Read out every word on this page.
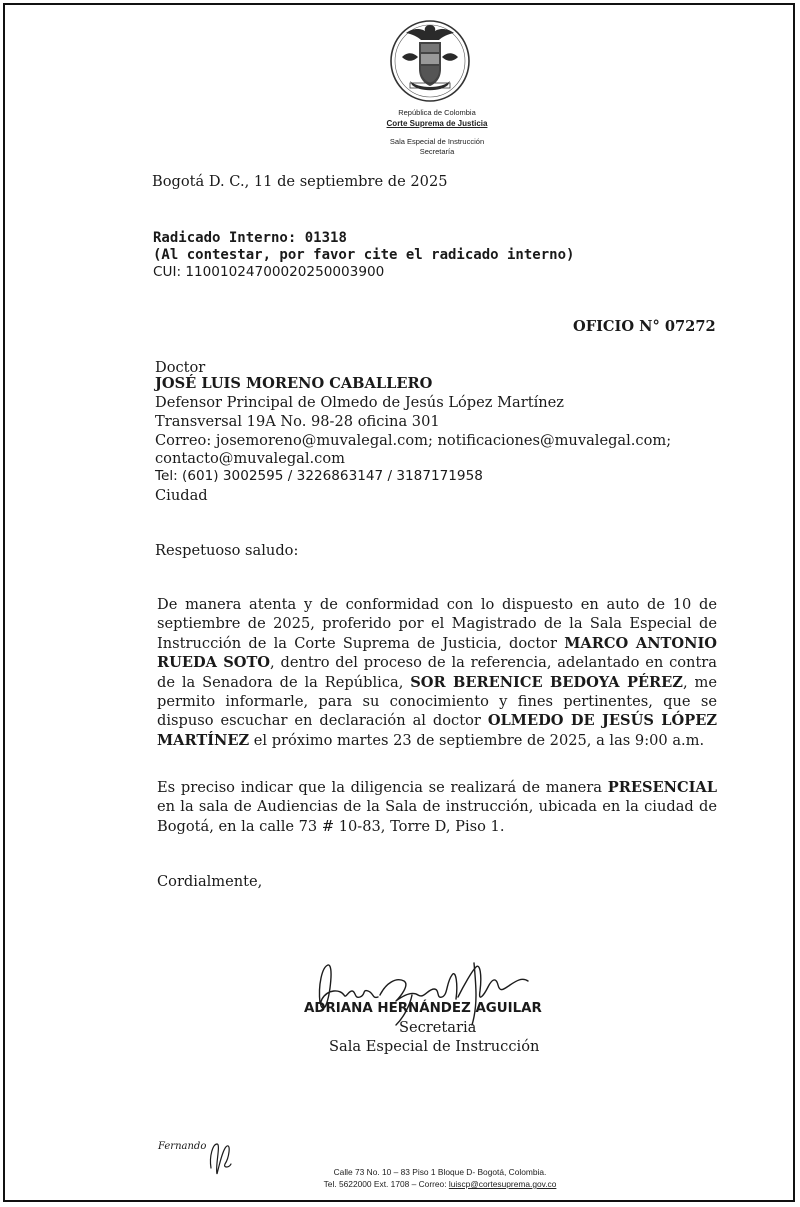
República de Colombia
Corte Suprema de Justicia
Sala Especial de Instrucción
Secretaría
Bogotá D. C., 11 de septiembre de 2025
Radicado Interno: 01318
(Al contestar, por favor cite el radicado interno)
CUI: 11001024700020250003900
OFICIO N° 07272
Doctor
JOSÉ LUIS MORENO CABALLERO
Defensor Principal de Olmedo de Jesús López Martínez
Transversal 19A No. 98-28 oficina 301
Correo: josemoreno@muvalegal.com; notificaciones@muvalegal.com;
contacto@muvalegal.com
Tel: (601) 3002595 / 3226863147 / 3187171958
Ciudad
Respetuoso saludo:
De manera atenta y de conformidad con lo dispuesto en auto de 10 de septiembre de 2025, proferido por el Magistrado de la Sala Especial de Instrucción de la Corte Suprema de Justicia, doctor MARCO ANTONIO RUEDA SOTO, dentro del proceso de la referencia, adelantado en contra de la Senadora de la República, SOR BERENICE BEDOYA PÉREZ, me permito informarle, para su conocimiento y fines pertinentes, que se dispuso escuchar en declaración al doctor OLMEDO DE JESÚS LÓPEZ MARTÍNEZ el próximo martes 23 de septiembre de 2025, a las 9:00 a.m.
Es preciso indicar que la diligencia se realizará de manera PRESENCIAL en la sala de Audiencias de la Sala de instrucción, ubicada en la ciudad de Bogotá, en la calle 73 # 10-83, Torre D, Piso 1.
Cordialmente,
ADRIANA HERNÁNDEZ AGUILAR
Secretaria
Sala Especial de Instrucción
Fernando
Calle 73 No. 10 – 83 Piso 1 Bloque D- Bogotá, Colombia.
Tel. 5622000 Ext. 1708 – Correo: luiscp@cortesuprema.gov.co
